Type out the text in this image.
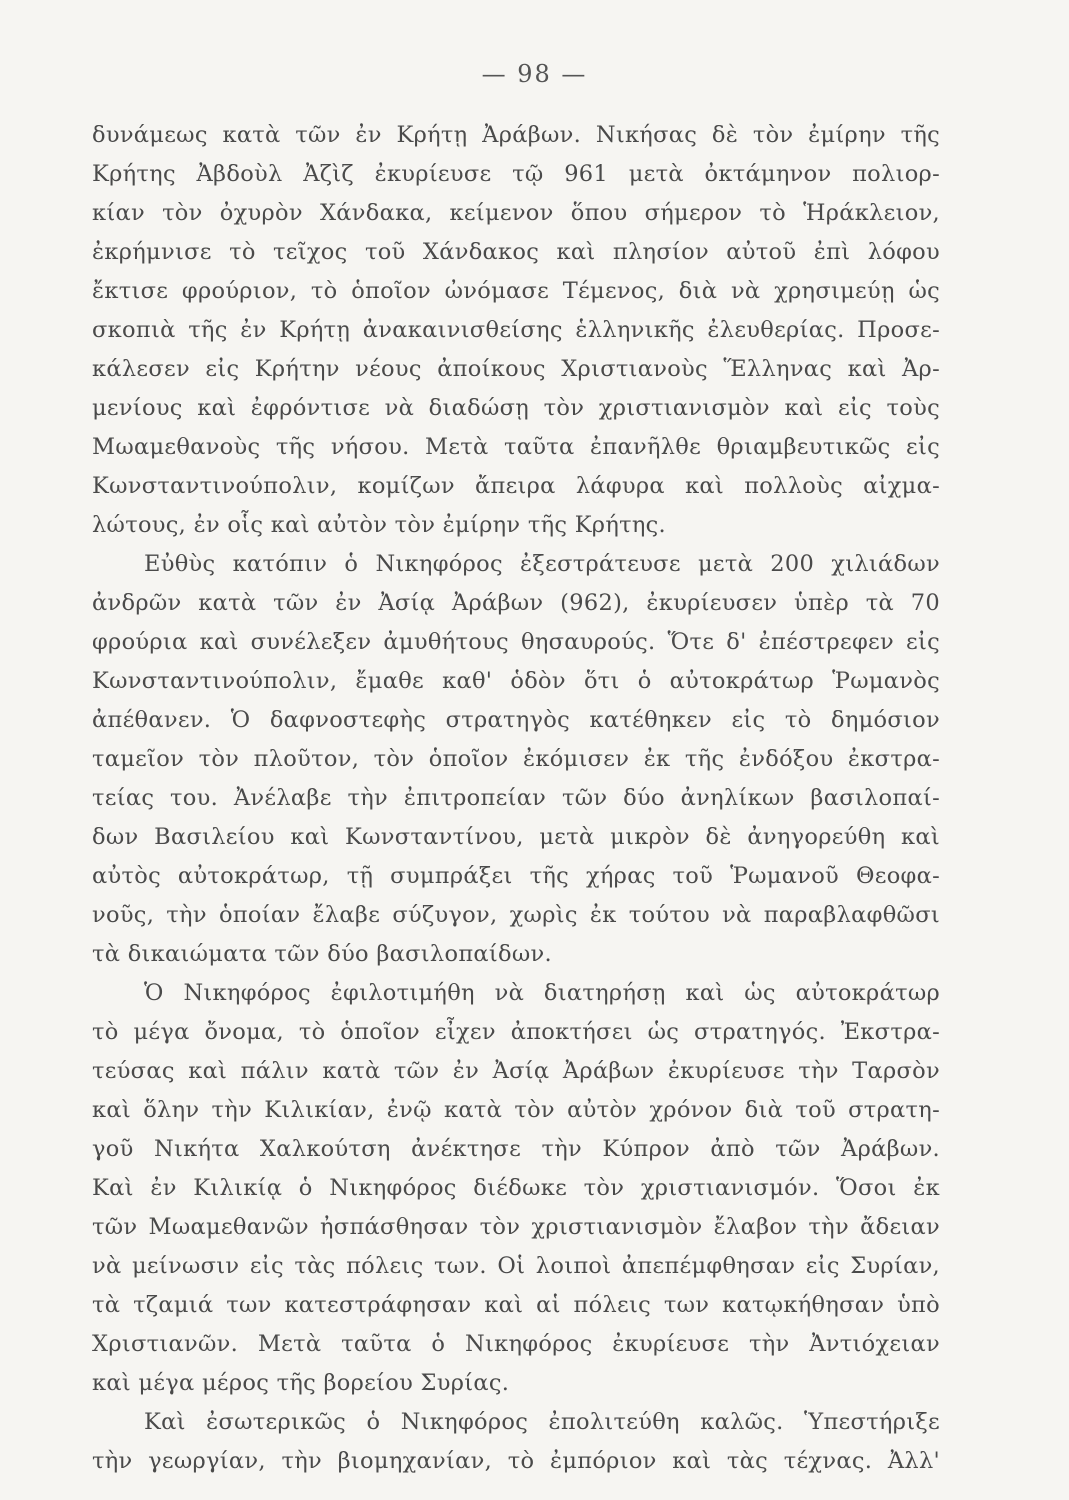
— 98 —
δυνάμεως κατὰ τῶν ἐν Κρήτῃ Ἀράβων. Νικήσας δὲ τὸν ἐμίρην τῆς
Κρήτης Ἀβδοὺλ Ἀζὶζ ἐκυρίευσε τῷ 961 μετὰ ὀκτάμηνον πολιορ-
κίαν τὸν ὀχυρὸν Χάνδακα, κείμενον ὅπου σήμερον τὸ Ἡράκλειον,
ἐκρήμνισε τὸ τεῖχος τοῦ Χάνδακος καὶ πλησίον αὐτοῦ ἐπὶ λόφου
ἔκτισε φρούριον, τὸ ὁποῖον ὠνόμασε Τέμενος, διὰ νὰ χρησιμεύῃ ὡς
σκοπιὰ τῆς ἐν Κρήτῃ ἀνακαινισθείσης ἑλληνικῆς ἐλευθερίας. Προσε-
κάλεσεν εἰς Κρήτην νέους ἀποίκους Χριστιανοὺς Ἕλληνας καὶ Ἀρ-
μενίους καὶ ἐφρόντισε νὰ διαδώσῃ τὸν χριστιανισμὸν καὶ εἰς τοὺς
Μωαμεθανοὺς τῆς νήσου. Μετὰ ταῦτα ἐπανῆλθε θριαμβευτικῶς εἰς
Κωνσταντινούπολιν, κομίζων ἄπειρα λάφυρα καὶ πολλοὺς αἰχμα-
λώτους, ἐν οἷς καὶ αὐτὸν τὸν ἐμίρην τῆς Κρήτης.
Εὐθὺς κατόπιν ὁ Νικηφόρος ἐξεστράτευσε μετὰ 200 χιλιάδων
ἀνδρῶν κατὰ τῶν ἐν Ἀσίᾳ Ἀράβων (962), ἐκυρίευσεν ὑπὲρ τὰ 70
φρούρια καὶ συνέλεξεν ἀμυθήτους θησαυρούς. Ὅτε δ' ἐπέστρεφεν εἰς
Κωνσταντινούπολιν, ἔμαθε καθ' ὁδὸν ὅτι ὁ αὐτοκράτωρ Ῥωμανὸς
ἀπέθανεν. Ὁ δαφνοστεφὴς στρατηγὸς κατέθηκεν εἰς τὸ δημόσιον
ταμεῖον τὸν πλοῦτον, τὸν ὁποῖον ἐκόμισεν ἐκ τῆς ἐνδόξου ἐκστρα-
τείας του. Ἀνέλαβε τὴν ἐπιτροπείαν τῶν δύο ἀνηλίκων βασιλοπαί-
δων Βασιλείου καὶ Κωνσταντίνου, μετὰ μικρὸν δὲ ἀνηγορεύθη καὶ
αὐτὸς αὐτοκράτωρ, τῇ συμπράξει τῆς χήρας τοῦ Ῥωμανοῦ Θεοφα-
νοῦς, τὴν ὁποίαν ἔλαβε σύζυγον, χωρὶς ἐκ τούτου νὰ παραβλαφθῶσι
τὰ δικαιώματα τῶν δύο βασιλοπαίδων.
Ὁ Νικηφόρος ἐφιλοτιμήθη νὰ διατηρήσῃ καὶ ὡς αὐτοκράτωρ
τὸ μέγα ὄνομα, τὸ ὁποῖον εἶχεν ἀποκτήσει ὡς στρατηγός. Ἐκστρα-
τεύσας καὶ πάλιν κατὰ τῶν ἐν Ἀσίᾳ Ἀράβων ἐκυρίευσε τὴν Ταρσὸν
καὶ ὅλην τὴν Κιλικίαν, ἐνῷ κατὰ τὸν αὐτὸν χρόνον διὰ τοῦ στρατη-
γοῦ Νικήτα Χαλκούτση ἀνέκτησε τὴν Κύπρον ἀπὸ τῶν Ἀράβων.
Καὶ ἐν Κιλικίᾳ ὁ Νικηφόρος διέδωκε τὸν χριστιανισμόν. Ὅσοι ἐκ
τῶν Μωαμεθανῶν ἠσπάσθησαν τὸν χριστιανισμὸν ἔλαβον τὴν ἄδειαν
νὰ μείνωσιν εἰς τὰς πόλεις των. Οἱ λοιποὶ ἀπεπέμφθησαν εἰς Συρίαν,
τὰ τζαμιά των κατεστράφησαν καὶ αἱ πόλεις των κατῳκήθησαν ὑπὸ
Χριστιανῶν. Μετὰ ταῦτα ὁ Νικηφόρος ἐκυρίευσε τὴν Ἀντιόχειαν
καὶ μέγα μέρος τῆς βορείου Συρίας.
Καὶ ἐσωτερικῶς ὁ Νικηφόρος ἐπολιτεύθη καλῶς. Ὑπεστήριξε
τὴν γεωργίαν, τὴν βιομηχανίαν, τὸ ἐμπόριον καὶ τὰς τέχνας. Ἀλλ'
